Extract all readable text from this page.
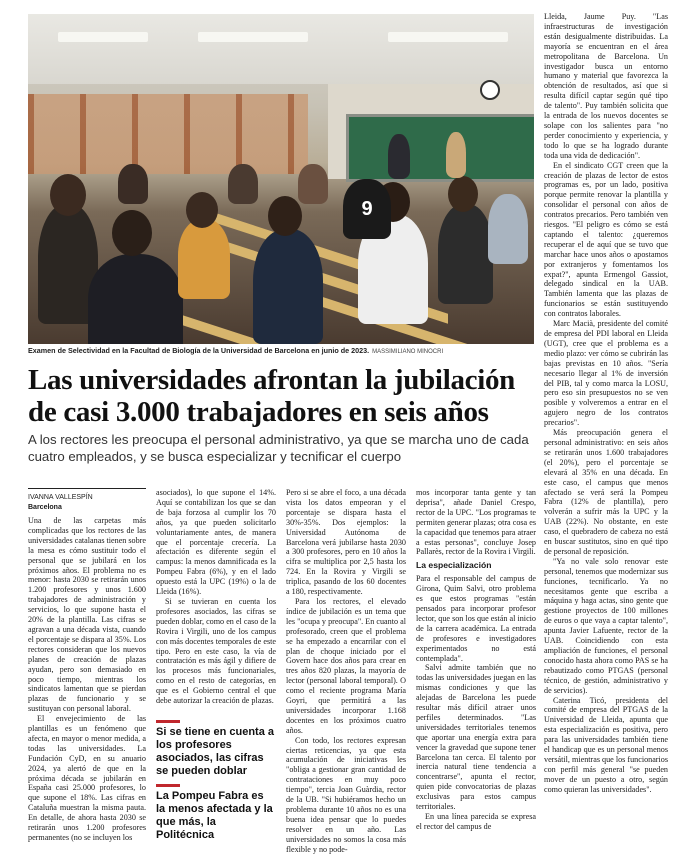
9
Examen de Selectividad en la Facultad de Biología de la Universidad de Barcelona en junio de 2023. MASSIMILIANO MINOCRI
Las universidades afrontan la jubilación de casi 3.000 trabajadores en seis años

A los rectores les preocupa el personal administrativo, ya que se marcha uno de cada cuatro empleados, y se busca especializar y tecnificar el cuerpo

IVANNA VALLESPÍN
Barcelona

Una de las carpetas más complicadas que los rectores de las universidades catalanas tienen sobre la mesa es cómo sustituir todo el personal que se jubilará en los próximos años. El problema no es menor: hasta 2030 se retirarán unos 1.200 profesores y unos 1.600 trabajadores de administración y servicios, lo que supone hasta el 20% de la plantilla. Las cifras se agravan a una década vista, cuando el porcentaje se dispara al 35%. Los rectores consideran que los nuevos planes de creación de plazas ayudan, pero son demasiado en poco tiempo, mientras los sindicatos lamentan que se pierdan plazas de funcionario y se sustituyan con personal laboral.

El envejecimiento de las plantillas es un fenómeno que afecta, en mayor o menor medida, a todas las universidades. La Fundación CyD, en su anuario 2024, ya alertó de que en la próxima década se jubilarán en España casi 25.000 profesores, lo que supone el 18%. Las cifras en Cataluña muestran la misma pauta. En detalle, de ahora hasta 2030 se retirarán unos 1.200 profesores permanentes (no se incluyen los

asociados), lo que supone el 14%. Aquí se contabilizan los que se dan de baja forzosa al cumplir los 70 años, ya que pueden solicitarlo voluntariamente antes, de manera que el porcentaje crecería. La afectación es diferente según el campus: la menos damnificada es la Pompeu Fabra (6%), y en el lado opuesto está la UPC (19%) o la de Lleida (16%).

Si se tuvieran en cuenta los profesores asociados, las cifras se pueden doblar, como en el caso de la Rovira i Virgili, uno de los campus con más docentes temporales de este tipo. Pero en este caso, la vía de contratación es más ágil y difiere de los procesos más funcionariales, como en el resto de categorías, en que es el Gobierno central el que debe autorizar la creación de plazas.

Si se tiene en cuenta a los profesores asociados, las cifras se pueden doblar
La Pompeu Fabra es la menos afectada y la que más, la Politécnica

Pero si se abre el foco, a una década vista los datos empeoran y el porcentaje se dispara hasta el 30%-35%. Dos ejemplos: la Universidad Autónoma de Barcelona verá jubilarse hasta 2030 a 300 profesores, pero en 10 años la cifra se multiplica por 2,5 hasta los 724. En la Rovira y Virgili se triplica, pasando de los 60 docentes a 180, respectivamente.

Para los rectores, el elevado índice de jubilación es un tema que les "ocupa y preocupa". En cuanto al profesorado, creen que el problema se ha empezado a encarrilar con el plan de choque iniciado por el Govern hace dos años para crear en tres años 820 plazas, la mayoría de lector (personal laboral temporal). O como el reciente programa María Goyri, que permitirá a las universidades incorporar 1.168 docentes en los próximos cuatro años.

Con todo, los rectores expresan ciertas reticencias, ya que esta acumulación de iniciativas les "obliga a gestionar gran cantidad de contrataciones en muy poco tiempo", tercia Joan Guàrdia, rector de la UB. "Si hubiéramos hecho un problema durante 10 años no es una buena idea pensar que lo puedes resolver en un año. Las universidades no somos la cosa más flexible y no pode-

mos incorporar tanta gente y tan deprisa", añade Daniel Crespo, rector de la UPC. "Los programas te permiten generar plazas; otra cosa es la capacidad que tenemos para atraer a estas personas", concluye Josep Pallarès, rector de la Rovira i Virgili.

La especialización

Para el responsable del campus de Girona, Quim Salvi, otro problema es que estos programas "están pensados para incorporar profesor lector, que son los que están al inicio de la carrera académica. La entrada de profesores e investigadores experimentados no está contemplada".

Salvi admite también que no todas las universidades juegan en las mismas condiciones y que las alejadas de Barcelona les puede resultar más difícil atraer unos perfiles determinados. "Las universidades territoriales tenemos que aportar una energía extra para vencer la gravedad que supone tener Barcelona tan cerca. El talento por inercia natural tiene tendencia a concentrarse", apunta el rector, quien pide convocatorias de plazas exclusivas para estos campus territoriales.

En una línea parecida se expresa el rector del campus de

Lleida, Jaume Puy. "Las infraestructuras de investigación están desigualmente distribuidas. La mayoría se encuentran en el área metropolitana de Barcelona. Un investigador busca un entorno humano y material que favorezca la obtención de resultados, así que si resulta difícil captar según qué tipo de talento". Puy también solicita que la entrada de los nuevos docentes se solape con los salientes para "no perder conocimiento y experiencia, y todo lo que se ha logrado durante toda una vida de dedicación".

En el sindicato CGT creen que la creación de plazas de lector de estos programas es, por un lado, positiva porque permite renovar la plantilla y consolidar el personal con años de contratos precarios. Pero también ven riesgos. "El peligro es cómo se está captando el talento: ¿queremos recuperar el de aquí que se tuvo que marchar hace unos años o apostamos por extranjeros y fomentamos los expat?", apunta Ermengol Gassiot, delegado sindical en la UAB. También lamenta que las plazas de funcionarios se están sustituyendo con contratos laborales.

Marc Macià, presidente del comité de empresa del PDI laboral en Lleida (UGT), cree que el problema es a medio plazo: ver cómo se cubrirán las bajas previstas en 10 años. "Sería necesario llegar al 1% de inversión del PIB, tal y como marca la LOSU, pero eso sin presupuestos no se ven posible y volveremos a entrar en el agujero negro de los contratos precarios".

Más preocupación genera el personal administrativo: en seis años se retirarán unos 1.600 trabajadores (el 20%), pero el porcentaje se elevará al 35% en una década. En este caso, el campus que menos afectado se verá será la Pompeu Fabra (12% de plantilla), pero volverán a sufrir más la UPC y la UAB (22%). No obstante, en este caso, el quebradero de cabeza no está en buscar sustitutos, sino en qué tipo de personal de reposición.

"Ya no vale solo renovar este personal, tenemos que modernizar sus funciones, tecnificarlo. Ya no necesitamos gente que escriba a máquina y haga actas, sino gente que gestione proyectos de 100 millones de euros o que vaya a captar talento", apunta Javier Lafuente, rector de la UAB. Coincidiendo con esta ampliación de funciones, el personal conocido hasta ahora como PAS se ha rebautizado como PTGAS (personal técnico, de gestión, administrativo y de servicios).

Caterina Ticó, presidenta del comité de empresa del PTGAS de la Universidad de Lleida, apunta que esta especialización es positiva, pero para las universidades también tiene el handicap que es un personal menos versátil, mientras que los funcionarios con perfil más general "se pueden mover de un puesto a otro, según como quieran las universidades".
